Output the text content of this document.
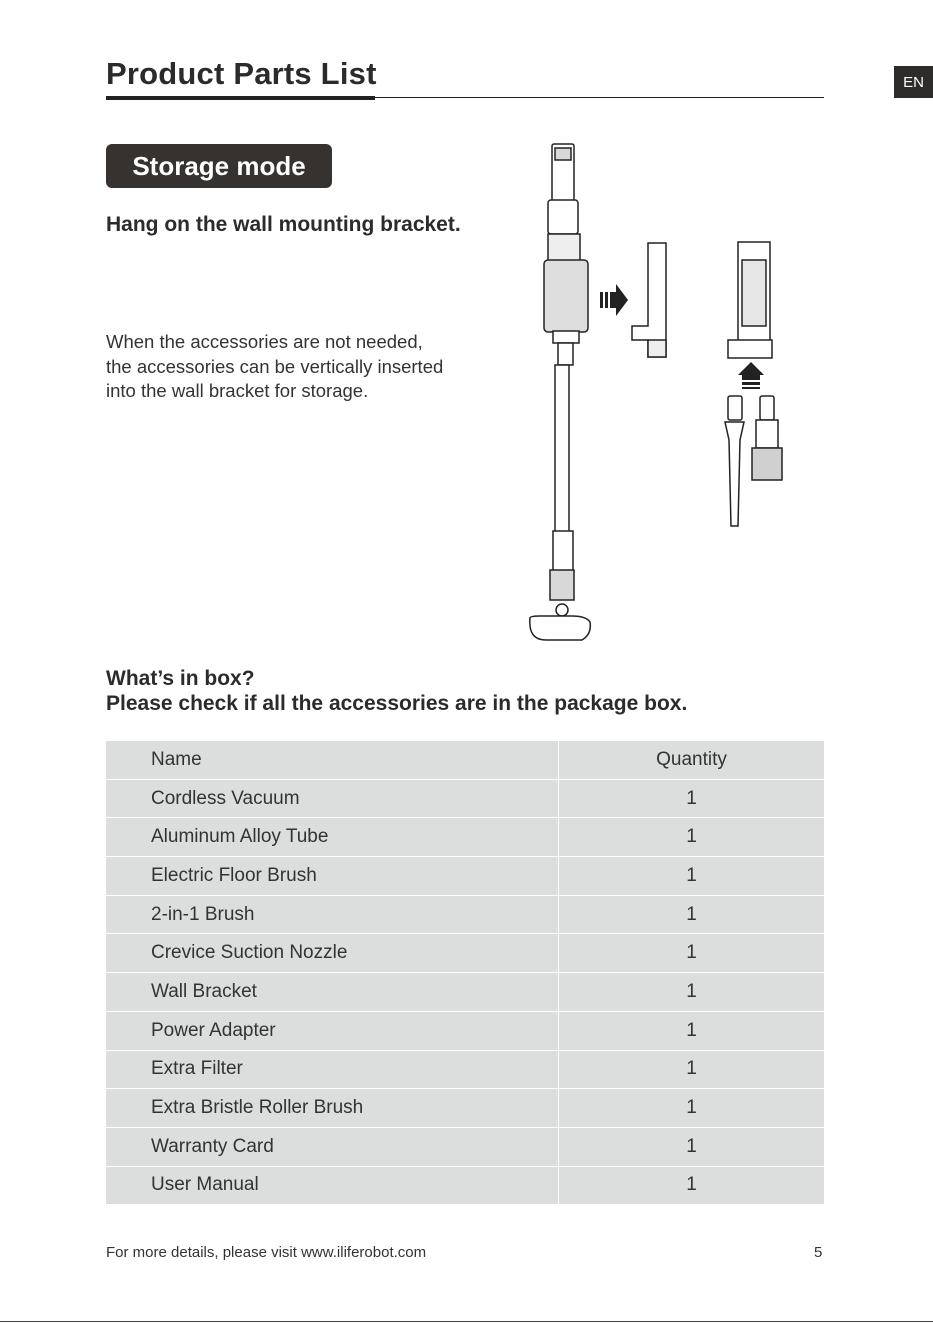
Product Parts List	EN
Storage mode
Hang on the wall mounting bracket.
When the accessories are not needed,
the accessories can be vertically inserted
into the wall bracket for storage.
What’s in box?
Please check if all the accessories are in the package box.
Name	Quantity
Cordless Vacuum	1
Aluminum Alloy Tube	1
Electric Floor Brush	1
2-in-1 Brush	1
Crevice Suction Nozzle	1
Wall Bracket	1
Power Adapter	1
Extra Filter	1
Extra Bristle Roller Brush	1
Warranty Card	1
User Manual	1
For more details, please visit www.iliferobot.com	5
